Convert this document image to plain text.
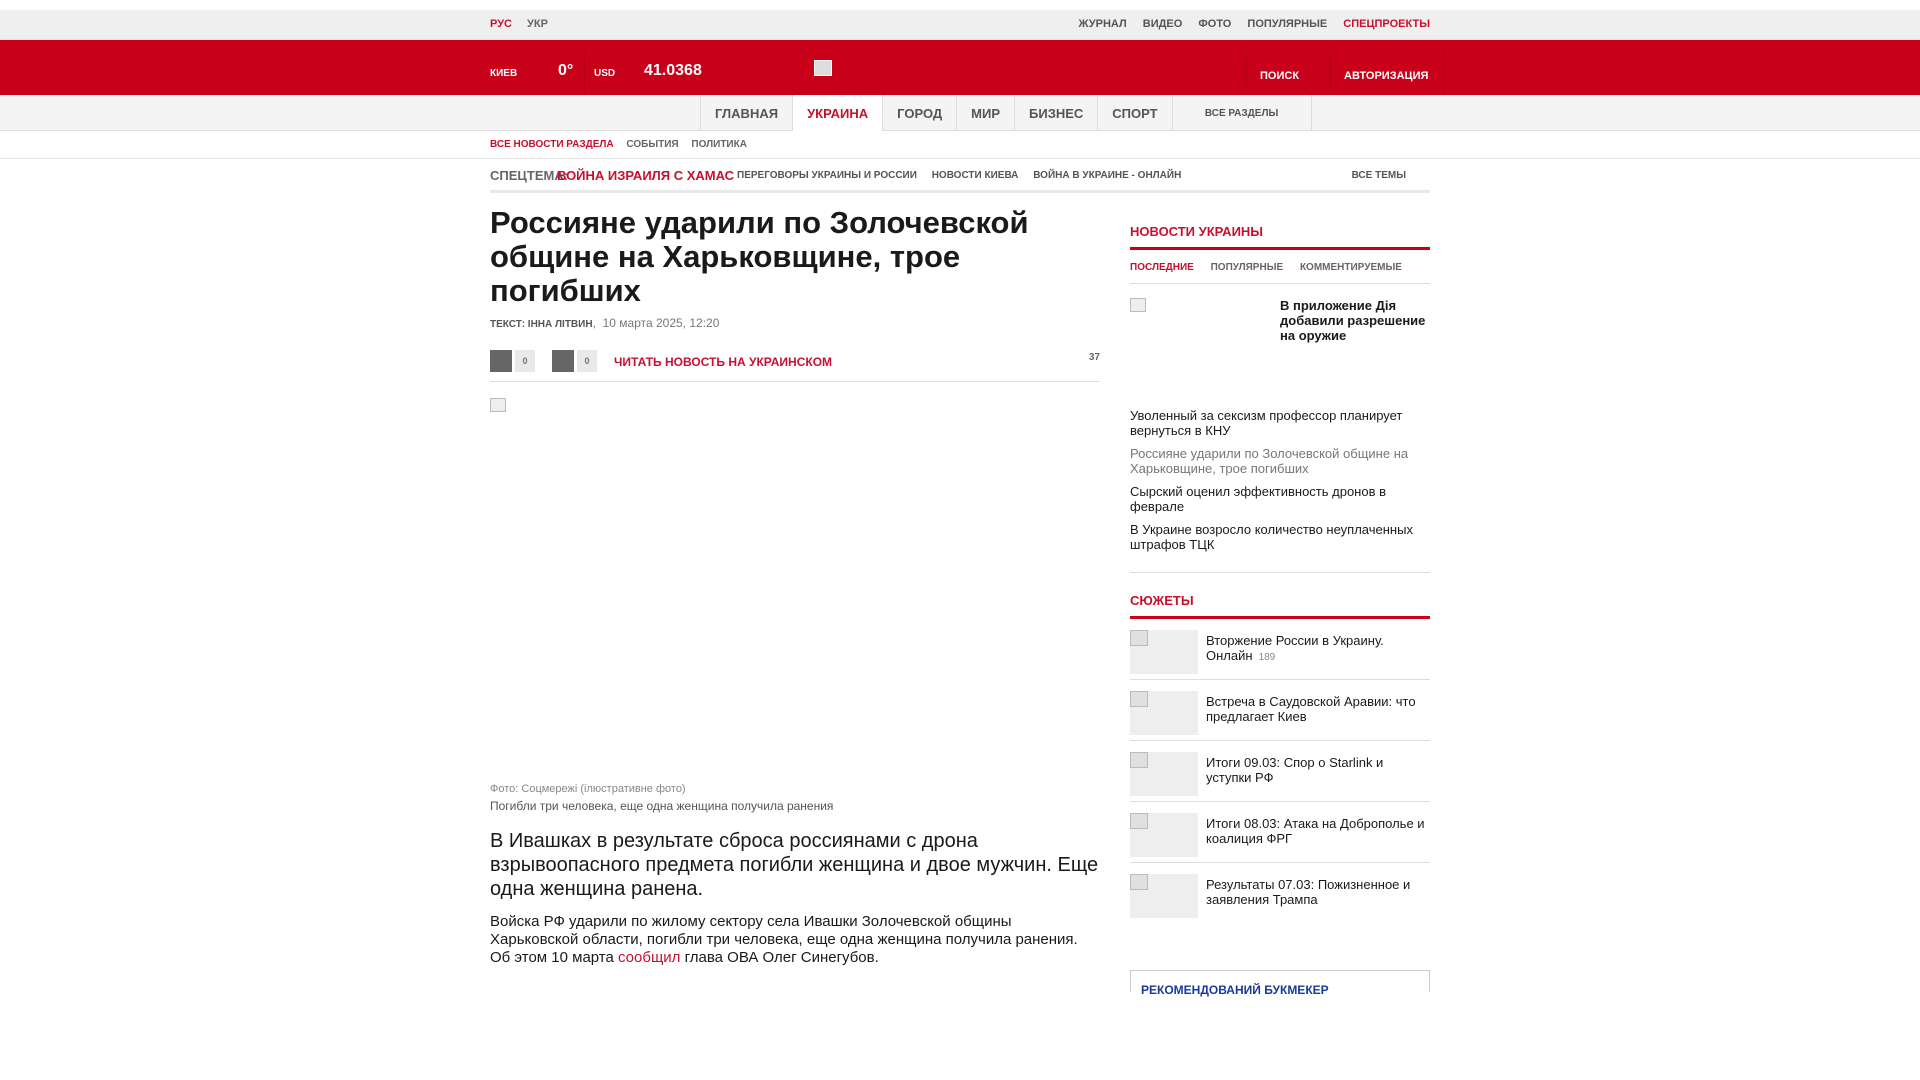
РУС УКР	ЖУРНАЛ ВИДЕО ФОТО ПОПУЛЯРНЫЕ СПЕЦПРОЕКТЫ
КИЕВ	0° USD 41.0368	ПОИСК	АВТОРИЗАЦИЯ
ГЛАВНАЯ	УКРАИНА	ГОРОД	МИР	БИЗНЕС	СПОРТ	ВСЕ РАЗДЕЛЫ
ВСЕ НОВОСТИ РАЗДЕЛА СОБЫТИЯ ПОЛИТИКА
СПЕЦТЕМА:
ВОЙНА ИЗРАИЛЯ С ХАМАС ПЕРЕГОВОРЫ УКРАИНЫ И РОССИИ НОВОСТИ КИЕВА ВОЙНА В УКРАИНЕ - ОНЛАЙН	ВСЕ ТЕМЫ
Россияне ударили по Золочевской общине на Харьковщине, трое погибших
ТЕКСТ: ІННА ЛІТВИН,  10 марта 2025, 12:20
0	0	ЧИТАТЬ НОВОСТЬ НА УКРАИНСКОМ	37
Фото: Соцмережі (ілюстративне фото)
Погибли три человека, еще одна женщина получила ранения

В Ивашках в результате сброса россиянами с дрона взрывоопасного предмета погибли женщина и двое мужчин. Еще одна женщина ранена.

Войска РФ ударили по жилому сектору села Ивашки Золочевской общины Харьковской области, погибли три человека, еще одна женщина получила ранения. Об этом 10 марта сообщил глава ОВА Олег Синегубов.

НОВОСТИ УКРАИНЫ
ПОСЛЕДНИЕ ПОПУЛЯРНЫЕ КОММЕНТИРУЕМЫЕ
В приложение Дія добавили разрешение на оружие
Уволенный за сексизм профессор планирует вернуться в КНУ
Россияне ударили по Золочевской общине на Харьковщине, трое погибших
Сырский оценил эффективность дронов в феврале
В Украине возросло количество неуплаченных штрафов ТЦК
СЮЖЕТЫ
Вторжение России в Украину. Онлайн 189
Встреча в Саудовской Аравии: что предлагает Киев
Итоги 09.03: Спор о Starlink и уступки РФ
Итоги 08.03: Атака на Доброполье и коалиция ФРГ
Результаты 07.03: Пожизненное и заявления Трампа
РЕКОМЕНДОВАНИЙ БУКМЕКЕР
